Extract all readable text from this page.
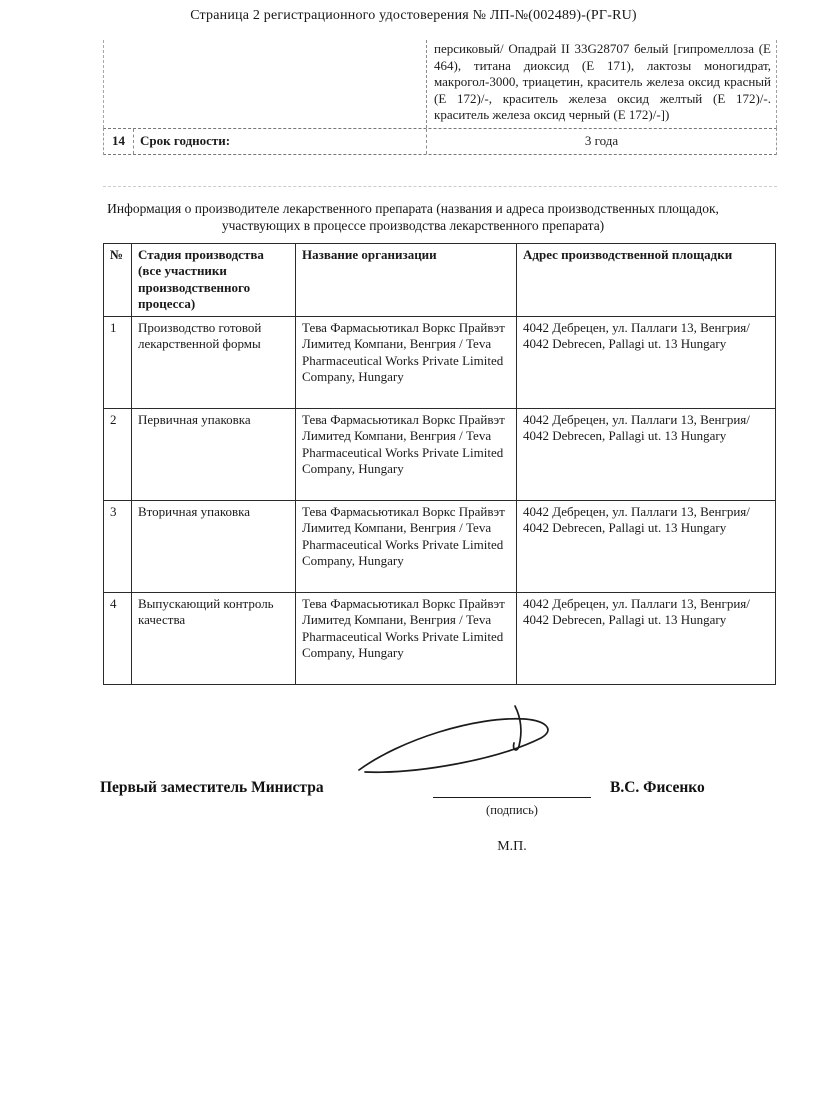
Страница 2 регистрационного удостоверения № ЛП-№(002489)-(РГ-RU)
персиковый/ Опадрай II 33G28707 белый [гипромеллоза (Е 464), титана диоксид (Е 171), лактозы моногидрат, макрогол-3000, триацетин, краситель железа оксид красный (Е 172)/-, краситель железа оксид желтый (Е 172)/-. краситель железа оксид черный (Е 172)/-])
14	Срок годности:	3 года
Информация о производителе лекарственного препарата (названия и адреса производственных площадок, участвующих в процессе производства лекарственного препарата)
№	Стадия производства (все участники производственного процесса)	Название организации	Адрес производственной площадки
1	Производство готовой лекарственной формы	Тева Фармасьютикал Воркс Прайвэт Лимитед Компани, Венгрия / Teva Pharmaceutical Works Private Limited Company, Hungary	4042 Дебрецен, ул. Паллаги 13, Венгрия/ 4042 Debrecen, Pallagi ut. 13 Hungary
2	Первичная упаковка	Тева Фармасьютикал Воркс Прайвэт Лимитед Компани, Венгрия / Teva Pharmaceutical Works Private Limited Company, Hungary	4042 Дебрецен, ул. Паллаги 13, Венгрия/ 4042 Debrecen, Pallagi ut. 13 Hungary
3	Вторичная упаковка	Тева Фармасьютикал Воркс Прайвэт Лимитед Компани, Венгрия / Teva Pharmaceutical Works Private Limited Company, Hungary	4042 Дебрецен, ул. Паллаги 13, Венгрия/ 4042 Debrecen, Pallagi ut. 13 Hungary
4	Выпускающий контроль качества	Тева Фармасьютикал Воркс Прайвэт Лимитед Компани, Венгрия / Teva Pharmaceutical Works Private Limited Company, Hungary	4042 Дебрецен, ул. Паллаги 13, Венгрия/ 4042 Debrecen, Pallagi ut. 13 Hungary
Первый заместитель Министра	В.С. Фисенко
(подпись)
М.П.
